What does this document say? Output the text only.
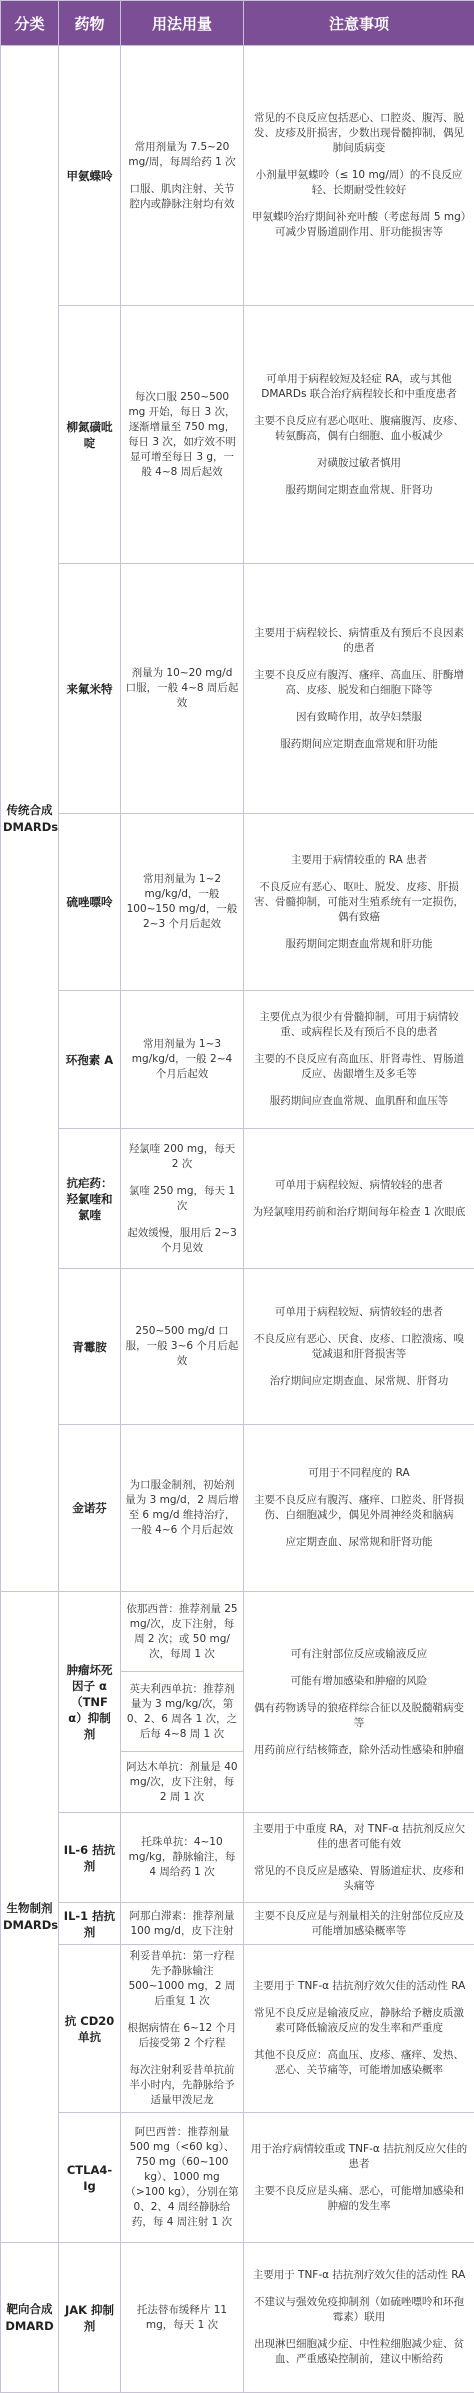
分类	药物	用法用量	注意事项
传统合成DMARDs	甲氨蝶呤	常用剂量为 7.5~20 mg/周，每周给药 1 次
口服、肌肉注射、关节腔内或静脉注射均有效	常见的不良反应包括恶心、口腔炎、腹泻、脱发、皮疹及肝损害，少数出现骨髓抑制，偶见肺间质病变
小剂量甲氨蝶呤（≤ 10 mg/周）的不良反应轻、长期耐受性较好
甲氨蝶呤治疗期间补充叶酸（考虑每周 5 mg）可减少胃肠道副作用、肝功能损害等

	柳氮磺吡啶	每次口服 250~500 mg 开始，每日 3 次，逐渐增量至 750 mg，每日 3 次，如疗效不明显可增至每日 3 g，一般 4~8 周后起效	可单用于病程较短及轻症 RA，或与其他 DMARDs 联合治疗病程较长和中重度患者
主要不良反应有恶心呕吐、腹痛腹泻、皮疹、转氨酶高，偶有白细胞、血小板减少
对磺胺过敏者慎用
服药期间定期查血常规、肝肾功

	来氟米特	剂量为 10~20 mg/d 口服，一般 4~8 周后起效	主要用于病程较长、病情重及有预后不良因素的患者
主要不良反应有腹泻、瘙痒、高血压、肝酶增高、皮疹、脱发和白细胞下降等
因有致畸作用，故孕妇禁服
服药期间应定期查血常规和肝功能

	硫唑嘌呤	常用剂量为 1~2 mg/kg/d，一般 100~150 mg/d，一般 2~3 个月后起效	主要用于病情较重的 RA 患者
不良反应有恶心、呕吐、脱发、皮疹、肝损害、骨髓抑制，可能对生殖系统有一定损伤，偶有致癌
服药期间定期查血常规和肝功能

	环孢素 A	常用剂量为 1~3 mg/kg/d，一般 2~4 个月后起效	主要优点为很少有骨髓抑制，可用于病情较重、或病程长及有预后不良的患者
主要的不良反应有高血压、肝肾毒性、胃肠道反应、齿龈增生及多毛等
服药期间应查血常规、血肌酐和血压等

	抗疟药：羟氯喹和氯喹	羟氯喹 200 mg，每天 2 次
氯喹 250 mg，每天 1 次
起效缓慢，服用后 2~3 个月见效	可单用于病程较短、病情较轻的患者
为羟氯喹用药前和治疗期间每年检查 1 次眼底

	青霉胺	250~500 mg/d 口服，一般 3~6 个月后起效	可单用于病程较短、病情较轻的患者
不良反应有恶心、厌食、皮疹、口腔溃疡、嗅觉减退和肝肾损害等
治疗期间应定期查血、尿常规、肝肾功

	金诺芬	为口服金制剂，初始剂量为 3 mg/d，2 周后增至 6 mg/d 维持治疗，一般 4~6 个月后起效	可用于不同程度的 RA
主要不良反应有腹泻、瘙痒、口腔炎、肝肾损伤、白细胞减少，偶见外周神经炎和脑病
应定期查血、尿常规和肝肾功能

生物制剂DMARDs	肿瘤坏死因子 α（TNF α）抑制剂	依那西普：推荐剂量 25 mg/次，皮下注射，每周 2 次；或 50 mg/次，每周 1 次	可有注射部位反应或输液反应
可能有增加感染和肿瘤的风险
偶有药物诱导的狼疮样综合征以及脱髓鞘病变等
用药前应行结核筛查，除外活动性感染和肿瘤

		英夫利西单抗：推荐剂量为 3 mg/kg/次，第 0、2、6 周各 1 次，之后每 4~8 周 1 次	
		阿达木单抗：剂量是 40 mg/次，皮下注射，每 2 周 1 次	
	IL-6 拮抗剂	托珠单抗：4~10 mg/kg，静脉输注，每 4 周给药 1 次	主要用于中重度 RA，对 TNF-α 拮抗剂反应欠佳的患者可能有效
常见的不良反应是感染、胃肠道症状、皮疹和头痛等

	IL-1 拮抗剂	阿那白滞素：推荐剂量 100 mg/d，皮下注射	主要不良反应是与剂量相关的注射部位反应及可能增加感染概率等

	抗 CD20 单抗	利妥昔单抗：第一疗程先予静脉输注 500~1000 mg，2 周后重复 1 次
根据病情在 6~12 个月后接受第 2 个疗程
每次注射利妥昔单抗前半小时内，先静脉给予适量甲泼尼龙	主要用于 TNF-α 拮抗剂疗效欠佳的活动性 RA
常见不良反应是输液反应，静脉给予糖皮质激素可降低输液反应的发生率和严重度
其他不良反应：高血压、皮疹、瘙痒、发热、恶心、关节痛等，可能增加感染概率

	CTLA4-Ig	阿巴西普：推荐剂量 500 mg（<60 kg）、750 mg（60~100 kg）、1000 mg（>100 kg），分别在第 0、2、4 周经静脉给药，每 4 周注射 1 次	用于治疗病情较重或 TNF-α 拮抗剂反应欠佳的患者
主要不良反应是头痛、恶心，可能增加感染和肿瘤的发生率

靶向合成DMARD	JAK 抑制剂	托法替布缓释片 11 mg，每天 1 次	主要用于 TNF-α 拮抗剂疗效欠佳的活动性 RA
不建议与强效免疫抑制剂（如硫唑嘌呤和环孢霉素）联用
出现淋巴细胞减少症、中性粒细胞减少症、贫血、严重感染控制前，建议中断给药
